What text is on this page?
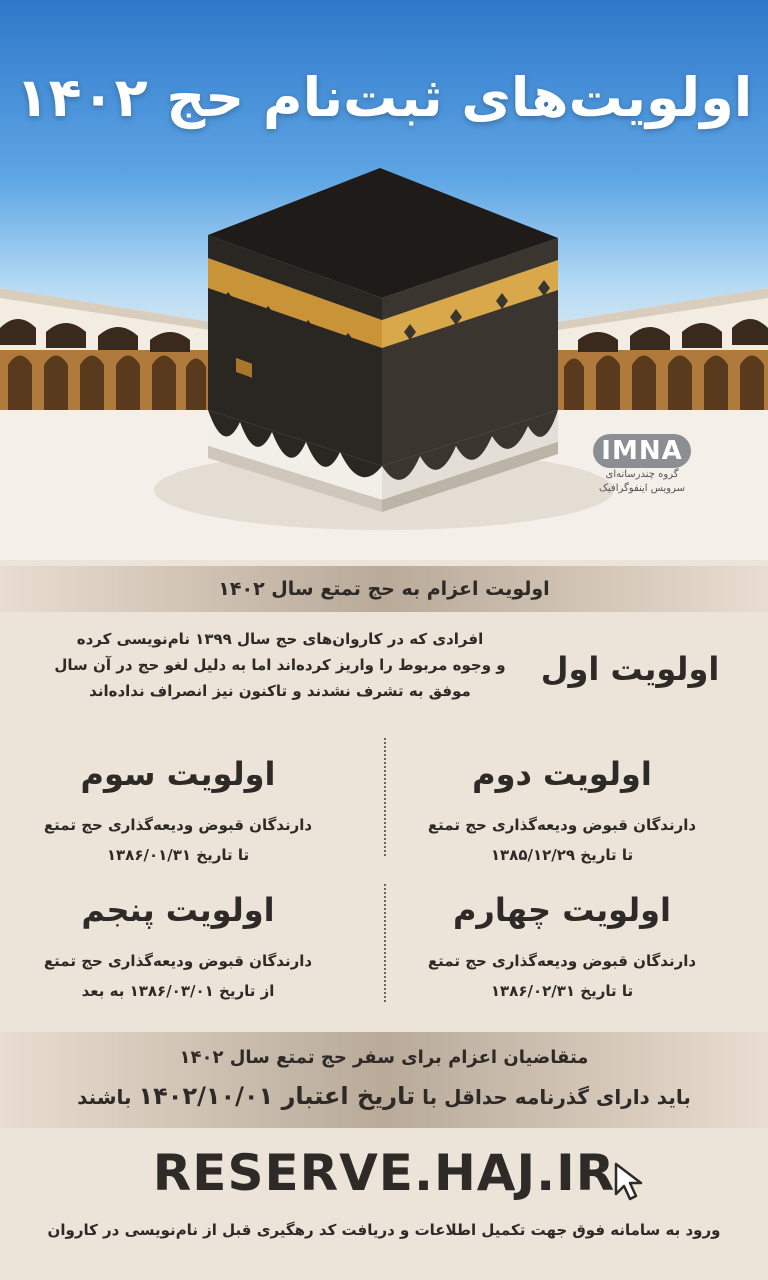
اولویت‌های ثبت‌نام حج ۱۴۰۲
IMNA
گروه چندرسانه‌ای
سرویس اینفوگرافیک
اولویت اعزام به حج تمتع سال ۱۴۰۲
اولویت اول
افرادی که در کاروان‌های حج سال ۱۳۹۹ نام‌نویسی کرده
و وجوه مربوط را واریز کرده‌اند اما به دلیل لغو حج در آن سال
موفق به تشرف نشدند و تاکنون نیز انصراف نداده‌اند
اولویت دوم

دارندگان قبوض ودیعه‌گذاری حج تمتع

تا تاریخ ۱۳۸۵/۱۲/۲۹

اولویت سوم

دارندگان قبوض ودیعه‌گذاری حج تمتع

تا تاریخ ۱۳۸۶/۰۱/۳۱

اولویت چهارم

دارندگان قبوض ودیعه‌گذاری حج تمتع

تا تاریخ ۱۳۸۶/۰۲/۳۱

اولویت پنجم

دارندگان قبوض ودیعه‌گذاری حج تمتع

از تاریخ ۱۳۸۶/۰۳/۰۱ به بعد

متقاضیان اعزام برای سفر حج تمتع سال ۱۴۰۲
باید دارای گذرنامه حداقل با تاریخ اعتبار ۱۴۰۲/۱۰/۰۱ باشند
RESERVE.HAJ.IR
ورود به سامانه فوق جهت تکمیل اطلاعات و دریافت کد رهگیری قبل از نام‌نویسی در کاروان
